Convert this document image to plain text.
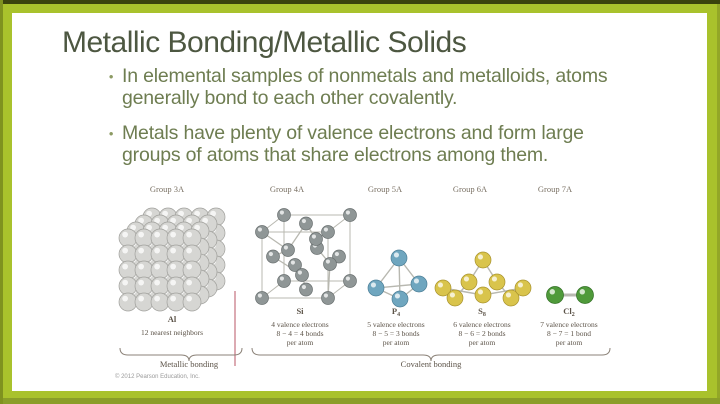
Metallic Bonding/Metallic Solids
• In elemental samples of nonmetals and metalloids, atoms generally bond to each other covalently.
• Metals have plenty of valence electrons and form large groups of atoms that share electrons among them.
Group 3A	Group 4A	Group 5A	Group 6A	Group 7A
Al
12 nearest neighbors
Si
4 valence electrons
8 − 4 = 4 bonds
per atom
$P_4$
5 valence electrons
8 − 5 = 3 bonds
per atom
$S_8$
6 valence electrons
8 − 6 = 2 bonds
per atom
$Cl_2$
7 valence electrons
8 − 7 = 1 bond
per atom
Metallic bonding	Covalent bonding
© 2012 Pearson Education, Inc.
